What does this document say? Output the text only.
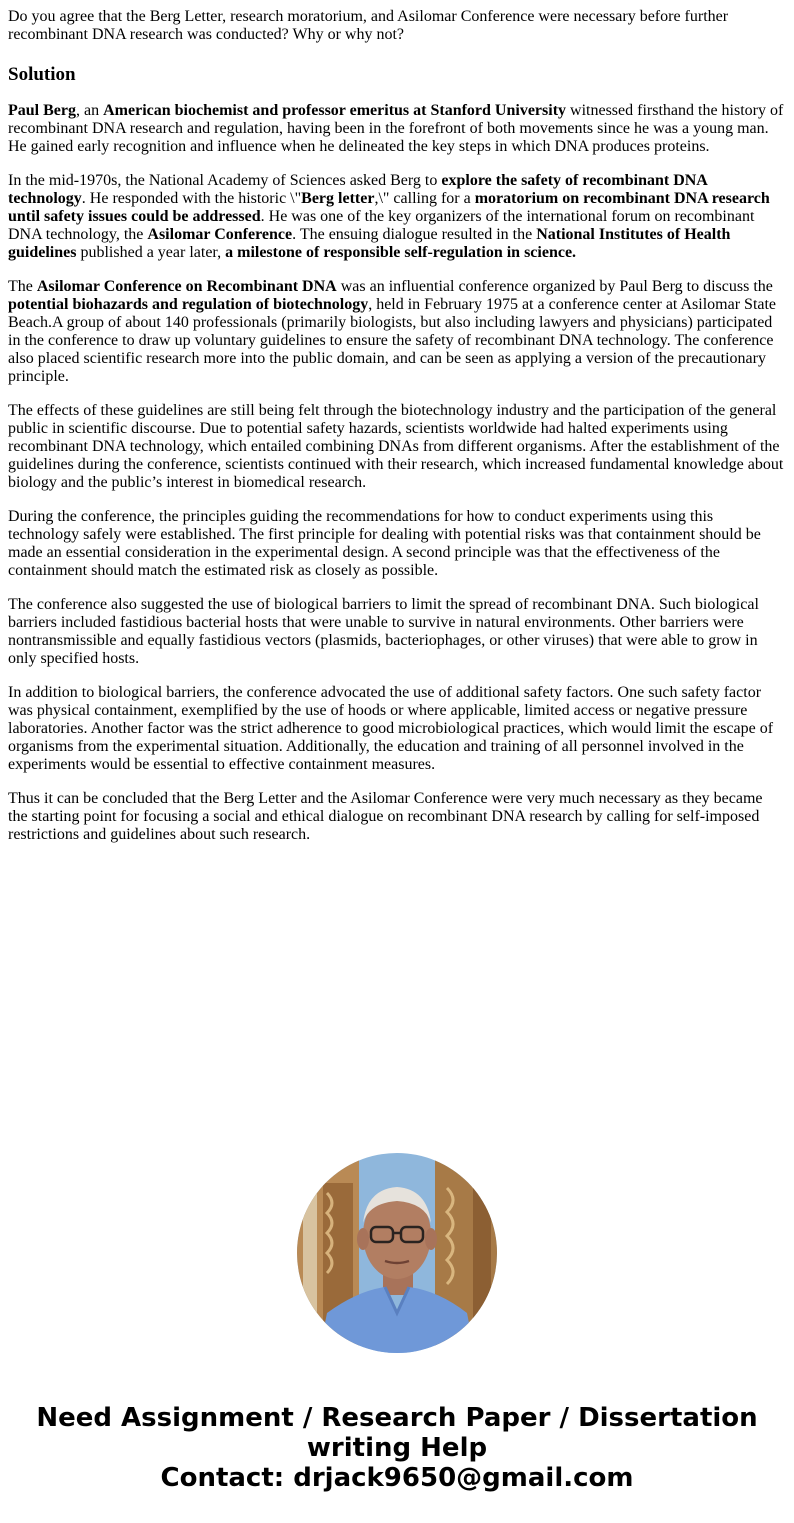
Do you agree that the Berg Letter, research moratorium, and Asilomar Conference were necessary before further recombinant DNA research was conducted? Why or why not?

Solution

Paul Berg, an American biochemist and professor emeritus at Stanford University witnessed firsthand the history of recombinant DNA research and regulation, having been in the forefront of both movements since he was a young man. He gained early recognition and influence when he delineated the key steps in which DNA produces proteins.

In the mid-1970s, the National Academy of Sciences asked Berg to explore the safety of recombinant DNA technology. He responded with the historic \"Berg letter,\" calling for a moratorium on recombinant DNA research until safety issues could be addressed. He was one of the key organizers of the international forum on recombinant DNA technology, the Asilomar Conference. The ensuing dialogue resulted in the National Institutes of Health guidelines published a year later, a milestone of responsible self-regulation in science.

The Asilomar Conference on Recombinant DNA was an influential conference organized by Paul Berg to discuss the potential biohazards and regulation of biotechnology, held in February 1975 at a conference center at Asilomar State Beach.A group of about 140 professionals (primarily biologists, but also including lawyers and physicians) participated in the conference to draw up voluntary guidelines to ensure the safety of recombinant DNA technology. The conference also placed scientific research more into the public domain, and can be seen as applying a version of the precautionary principle.

The effects of these guidelines are still being felt through the biotechnology industry and the participation of the general public in scientific discourse. Due to potential safety hazards, scientists worldwide had halted experiments using recombinant DNA technology, which entailed combining DNAs from different organisms. After the establishment of the guidelines during the conference, scientists continued with their research, which increased fundamental knowledge about biology and the public’s interest in biomedical research.

During the conference, the principles guiding the recommendations for how to conduct experiments using this technology safely were established. The first principle for dealing with potential risks was that containment should be made an essential consideration in the experimental design. A second principle was that the effectiveness of the containment should match the estimated risk as closely as possible.

The conference also suggested the use of biological barriers to limit the spread of recombinant DNA. Such biological barriers included fastidious bacterial hosts that were unable to survive in natural environments. Other barriers were nontransmissible and equally fastidious vectors (plasmids, bacteriophages, or other viruses) that were able to grow in only specified hosts.

In addition to biological barriers, the conference advocated the use of additional safety factors. One such safety factor was physical containment, exemplified by the use of hoods or where applicable, limited access or negative pressure laboratories. Another factor was the strict adherence to good microbiological practices, which would limit the escape of organisms from the experimental situation. Additionally, the education and training of all personnel involved in the experiments would be essential to effective containment measures.

Thus it can be concluded that the Berg Letter and the Asilomar Conference were very much necessary as they became the starting point for focusing a social and ethical dialogue on recombinant DNA research by calling for self-imposed restrictions and guidelines about such research.

Need Assignment / Research Paper / Dissertation
writing Help
Contact: drjack9650@gmail.com
